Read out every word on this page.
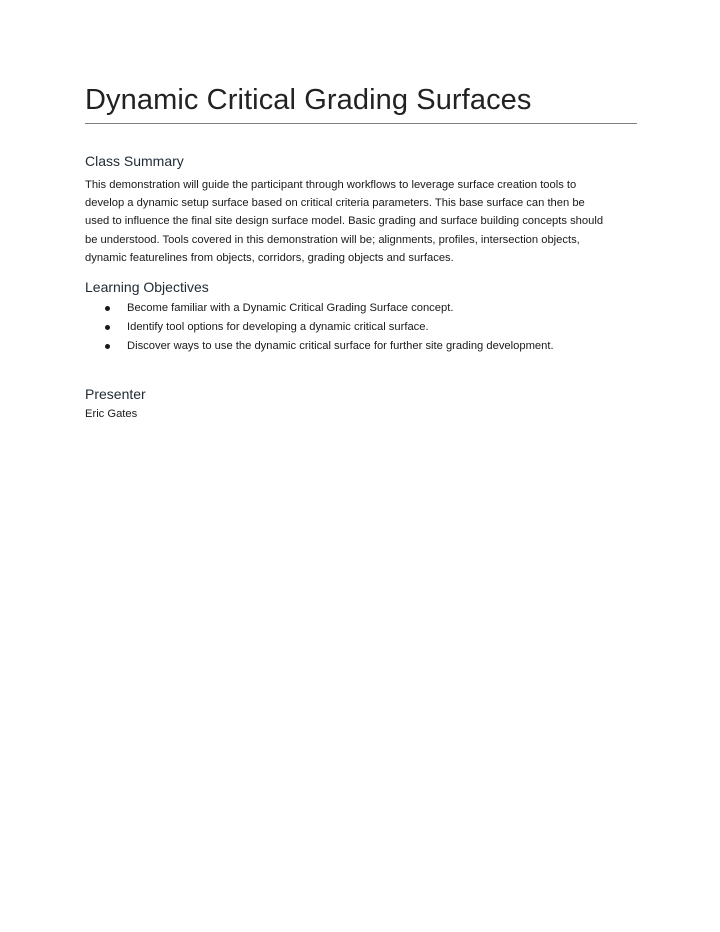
Dynamic Critical Grading Surfaces
Class Summary
This demonstration will guide the participant through workflows to leverage surface creation tools to
develop a dynamic setup surface based on critical criteria parameters. This base surface can then be
used to influence the final site design surface model. Basic grading and surface building concepts should
be understood. Tools covered in this demonstration will be; alignments, profiles, intersection objects,
dynamic featurelines from objects, corridors, grading objects and surfaces.
Learning Objectives
Become familiar with a Dynamic Critical Grading Surface concept.
Identify tool options for developing a dynamic critical surface.
Discover ways to use the dynamic critical surface for further site grading development.
Presenter
Eric Gates
